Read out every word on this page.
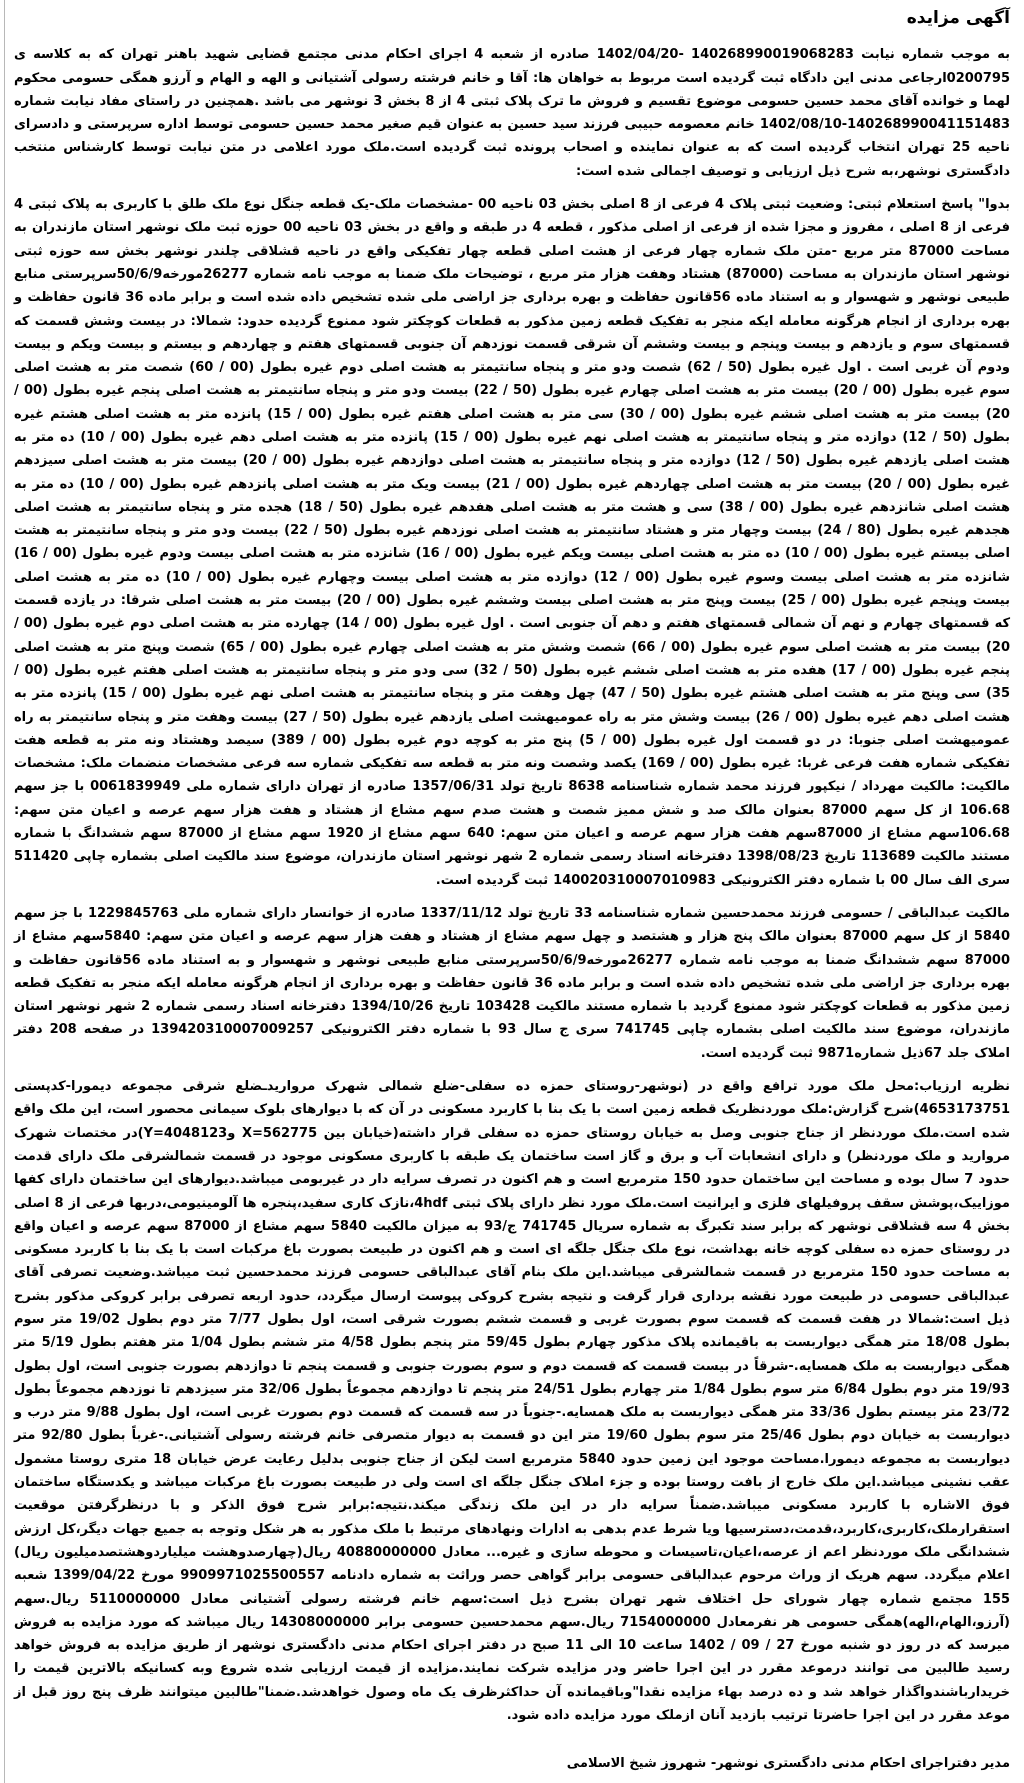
آگهی مزایده

به موجب شماره نیابت 140268990019068283 -1402/04/20 صادره از شعبه 4 اجرای احکام مدنی مجتمع قضایی شهید باهنر تهران که به کلاسه ی 0200795ارجاعی مدنی این دادگاه ثبت گردیده است مربوط به خواهان ها: آقا و خانم فرشته رسولی آشتیانی و الهه و الهام و آرزو همگی حسومی محکوم لهما و خوانده آقای محمد حسین حسومی موضوع تقسیم و فروش ما ترک پلاک ثبتی 4 از 8 بخش 3 نوشهر می باشد .همچنین در راستای مفاد نیابت شماره 140268990041151483-1402/08/10 خانم معصومه حبیبی فرزند سید حسین به عنوان قیم صغیر محمد حسین حسومی توسط اداره سرپرستی و دادسرای ناحیه 25 تهران انتخاب گردیده است که به عنوان نماینده و اصحاب پرونده ثبت گردیده است.ملک مورد اعلامی در متن نیابت توسط کارشناس منتخب دادگستری نوشهر،به شرح ذیل ارزیابی و توصیف اجمالی شده است:

بدوا" پاسخ استعلام ثبتی: وضعیت ثبتی پلاک 4 فرعی از 8 اصلی بخش 03 ناحیه 00 -مشخصات ملک-یک قطعه جنگل نوع ملک طلق با کاربری به پلاک ثبتی 4 فرعی از 8 اصلی ، مفروز و مجزا شده از فرعی از اصلی مذکور ، قطعه 4 در طبقه و واقع در بخش 03 ناحیه 00 حوزه ثبت ملک نوشهر استان مازندران به مساحت 87000 متر مربع -متن ملک شماره چهار فرعی از هشت اصلی قطعه چهار تفکیکی واقع در ناحیه قشلاقی چلندر نوشهر بخش سه حوزه ثبتی نوشهر استان مازندران به مساحت (87000) هشتاد وهفت هزار متر مربع ، توضیحات ملک ضمنا به موجب نامه شماره 26277مورخه50/6/9سرپرستی منابع طبیعی نوشهر و شهسوار و به استناد ماده 56قانون حفاظت و بهره برداری جز اراضی ملی شده تشخیص داده شده است و برابر ماده 36 قانون حفاظت و بهره برداری از انجام هرگونه معامله ایکه منجر به تفکیک قطعه زمین مذکور به قطعات کوچکتر شود ممنوع گردیده حدود: شمالا: در بیست وشش قسمت که قسمتهای سوم و یازدهم و بیست وپنجم و بیست وششم آن شرقی قسمت نوزدهم آن جنوبی قسمتهای هفتم و چهاردهم و بیستم و بیست ویکم و بیست ودوم آن غربی است . اول غیره بطول (50 / 62) شصت ودو متر و پنجاه سانتیمتر به هشت اصلی دوم غیره بطول (00 / 60) شصت متر به هشت اصلی سوم غیره بطول (00 / 20) بیست متر به هشت اصلی چهارم غیره بطول (50 / 22) بیست ودو متر و پنجاه سانتیمتر به هشت اصلی پنجم غیره بطول (00 / 20) بیست متر به هشت اصلی ششم غیره بطول (00 / 30) سی متر به هشت اصلی هفتم غیره بطول (00 / 15) پانزده متر به هشت اصلی هشتم غیره بطول (50 / 12) دوازده متر و پنجاه سانتیمتر به هشت اصلی نهم غیره بطول (00 / 15) پانزده متر به هشت اصلی دهم غیره بطول (00 / 10) ده متر به هشت اصلی یازدهم غیره بطول (50 / 12) دوازده متر و پنجاه سانتیمتر به هشت اصلی دوازدهم غیره بطول (00 / 20) بیست متر به هشت اصلی سیزدهم غیره بطول (00 / 20) بیست متر به هشت اصلی چهاردهم غیره بطول (00 / 21) بیست ویک متر به هشت اصلی پانزدهم غیره بطول (00 / 10) ده متر به هشت اصلی شانزدهم غیره بطول (00 / 38) سی و هشت متر به هشت اصلی هفدهم غیره بطول (50 / 18) هجده متر و پنجاه سانتیمتر به هشت اصلی هجدهم غیره بطول (80 / 24) بیست وچهار متر و هشتاد سانتیمتر به هشت اصلی نوزدهم غیره بطول (50 / 22) بیست ودو متر و پنجاه سانتیمتر به هشت اصلی بیستم غیره بطول (00 / 10) ده متر به هشت اصلی بیست ویکم غیره بطول (00 / 16) شانزده متر به هشت اصلی بیست ودوم غیره بطول (00 / 16) شانزده متر به هشت اصلی بیست وسوم غیره بطول (00 / 12) دوازده متر به هشت اصلی بیست وچهارم غیره بطول (00 / 10) ده متر به هشت اصلی بیست وپنجم غیره بطول (00 / 25) بیست وپنج متر به هشت اصلی بیست وششم غیره بطول (00 / 20) بیست متر به هشت اصلی شرقا: در یازده قسمت که قسمتهای چهارم و نهم آن شمالی قسمتهای هفتم و دهم آن جنوبی است . اول غیره بطول (00 / 14) چهارده متر به هشت اصلی دوم غیره بطول (00 / 20) بیست متر به هشت اصلی سوم غیره بطول (00 / 66) شصت وشش متر به هشت اصلی چهارم غیره بطول (00 / 65) شصت وپنج متر به هشت اصلی پنجم غیره بطول (00 / 17) هفده متر به هشت اصلی ششم غیره بطول (50 / 32) سی ودو متر و پنجاه سانتیمتر به هشت اصلی هفتم غیره بطول (00 / 35) سی وپنج متر به هشت اصلی هشتم غیره بطول (50 / 47) چهل وهفت متر و پنجاه سانتیمتر به هشت اصلی نهم غیره بطول (00 / 15) پانزده متر به هشت اصلی دهم غیره بطول (00 / 26) بیست وشش متر به راه عمومیهشت اصلی یازدهم غیره بطول (50 / 27) بیست وهفت متر و پنجاه سانتیمتر به راه عمومیهشت اصلی جنوبا: در دو قسمت اول غیره بطول (00 / 5) پنج متر به کوچه دوم غیره بطول (00 / 389) سیصد وهشتاد ونه متر به قطعه هفت تفکیکی شماره هفت فرعی غربا: غیره بطول (00 / 169) یکصد وشصت ونه متر به قطعه سه تفکیکی شماره سه فرعی مشخصات منضمات ملک: مشخصات مالکیت: مالکیت مهرداد / نیکپور فرزند محمد شماره شناسنامه 8638 تاریخ تولد 1357/06/31 صادره از تهران دارای شماره ملی 0061839949 با جز سهم 106.68 از کل سهم 87000 بعنوان مالک صد و شش ممیز شصت و هشت صدم سهم مشاع از هشتاد و هفت هزار سهم عرصه و اعیان متن سهم: 106.68سهم مشاع از 87000سهم هفت هزار سهم عرصه و اعیان متن سهم: 640 سهم مشاع از 1920 سهم مشاع از 87000 سهم ششدانگ با شماره مستند مالکیت 113689 تاریخ 1398/08/23 دفترخانه اسناد رسمی شماره 2 شهر نوشهر استان مازندران، موضوع سند مالکیت اصلی بشماره چاپی 511420 سری الف سال 00 با شماره دفتر الکترونیکی 140020310007010983 ثبت گردیده است.

مالکیت عبدالباقی / حسومی فرزند محمدحسین شماره شناسنامه 33 تاریخ تولد 1337/11/12 صادره از خوانسار دارای شماره ملی 1229845763 با جز سهم 5840 از کل سهم 87000 بعنوان مالک پنج هزار و هشتصد و چهل سهم مشاع از هشتاد و هفت هزار سهم عرصه و اعیان متن سهم: 5840سهم مشاع از 87000 سهم ششدانگ ضمنا به موجب نامه شماره 26277مورخه50/6/9سرپرستی منابع طبیعی نوشهر و شهسوار و به استناد ماده 56قانون حفاظت و بهره برداری جز اراضی ملی شده تشخیص داده شده است و برابر ماده 36 قانون حفاظت و بهره برداری از انجام هرگونه معامله ایکه منجر به تفکیک قطعه زمین مذکور به قطعات کوچکتر شود ممنوع گردید با شماره مستند مالکیت 103428 تاریخ 1394/10/26 دفترخانه اسناد رسمی شماره 2 شهر نوشهر استان مازندران، موضوع سند مالکیت اصلی بشماره چاپی 741745 سری ج سال 93 با شماره دفتر الکترونیکی 139420310007009257 در صفحه 208 دفتر املاک جلد 67ذیل شماره9871 ثبت گردیده است.

نظریه ارزیاب:محل ملک مورد ترافع واقع در (نوشهر-روستای حمزه ده سفلی-ضلع شمالی شهرک مرواریدـضلع شرقی مجموعه دیمورا-کدپستی 4653173751)شرح گزارش:ملک موردنظریک قطعه زمین است با یک بنا با کاربرد مسکونی در آن که با دیوارهای بلوک سیمانی محصور است، این ملک واقع شده است.ملک موردنظر از جناح جنوبی وصل به خیابان روستای حمزه ده سفلی قرار داشته(خیابان بین X=562775 وY=4048123)در مختصات شهرک مروارید و ملک موردنظر) و دارای انشعابات آب و برق و گاز است ساختمان یک طبقه با کاربری مسکونی موجود در قسمت شمالشرقی ملک دارای قدمت حدود 7 سال بوده و مساحت این ساختمان حدود 150 مترمربع است و هم اکنون در تصرف سرایه دار در غیربومی میباشد.دیوارهای این ساختمان دارای کفها موزاییک،پوشش سقف پروفیلهای فلزی و ایرانیت است.ملک مورد نظر دارای پلاک ثبتی 4hdf،نازک کاری سفید،پنجره ها آلومینیومی،دربها فرعی از 8 اصلی بخش 4 سه قشلاقی نوشهر که برابر سند تکبرگ به شماره سریال 741745 ج/93 به میزان مالکیت 5840 سهم مشاع از 87000 سهم عرصه و اعیان واقع در روستای حمزه ده سفلی کوچه خانه بهداشت، نوع ملک جنگل جلگه ای است و هم اکنون در طبیعت بصورت باغ مرکبات است با یک بنا با کاربرد مسکونی به مساحت حدود 150 مترمربع در قسمت شمالشرقی میباشد.این ملک بنام آقای عبدالباقی حسومی فرزند محمدحسین ثبت میباشد.وضعیت تصرفی آقای عبدالباقی حسومی در طبیعت مورد نقشه برداری قرار گرفت و نتیجه بشرح کروکی پیوست ارسال میگردد، حدود اربعه تصرفی برابر کروکی مذکور بشرح ذیل است:شمالا در هفت قسمت که قسمت سوم بصورت غربی و قسمت ششم بصورت شرقی است، اول بطول 7/77 متر دوم بطول 19/02 متر سوم بطول 18/08 متر همگی دیواربست به باقیمانده پلاک مذکور چهارم بطول 59/45 متر پنجم بطول 4/58 متر ششم بطول 1/04 متر هفتم بطول 5/19 متر همگی دیواربست به ملک همسایه.-شرقاً در بیست قسمت که قسمت دوم و سوم بصورت جنوبی و قسمت پنجم تا دوازدهم بصورت جنوبی است، اول بطول 19/93 متر دوم بطول 6/84 متر سوم بطول 1/84 متر چهارم بطول 24/51 متر پنجم تا دوازدهم مجموعاً بطول 32/06 متر سیزدهم تا نوزدهم مجموعاً بطول 23/72 متر بیستم بطول 33/36 متر همگی دیواربست به ملک همسایه.-جنوباً در سه قسمت که قسمت دوم بصورت غربی است، اول بطول 9/88 متر درب و دیواربست به خیابان دوم بطول 25/46 متر سوم بطول 19/60 متر این دو قسمت به دیوار متصرفی خانم فرشته رسولی آشتیانی.-غرباً بطول 92/80 متر دیواربست به مجموعه دیمورا.مساحت موجود این زمین حدود 5840 مترمربع است لیکن از جناح جنوبی بدلیل رعایت عرض خیابان 18 متری روستا مشمول عقب نشینی میباشد.این ملک خارج از بافت روستا بوده و جزء املاک جنگل جلگه ای است ولی در طبیعت بصورت باغ مرکبات میباشد و یکدستگاه ساختمان فوق الاشاره با کاربرد مسکونی میباشد.ضمناً سرایه دار در این ملک زندگی میکند.نتیجه:برابر شرح فوق الذکر و با درنظرگرفتن موقعیت استقرارملک،کاربری،کاربرد،قدمت،دسترسیها ویا شرط عدم بدهی به ادارات ونهادهای مرتبط با ملک مذکور به هر شکل وتوجه به جمیع جهات دیگر،کل ارزش ششدانگی ملک موردنظر اعم از عرصه،اعیان،تاسیسات و محوطه سازی و غیره... معادل 40880000000 ریال(چهارصدوهشت میلیاردوهشتصدمیلیون ریال) اعلام میگردد. سهم هریک از وراث مرحوم عبدالباقی حسومی برابر گواهی حصر وراثت به شماره دادنامه 9909971025500557 مورخ 1399/04/22 شعبه 155 مجتمع شماره چهار شورای حل اختلاف شهر تهران بشرح ذیل است:سهم خانم فرشته رسولی آشتیانی معادل 5110000000 ریال.سهم (آرزو،الهام،الهه)همگی حسومی هر نفرمعادل 7154000000 ریال.سهم محمدحسین حسومی برابر 14308000000 ریال میباشد که مورد مزایده به فروش میرسد که در روز دو شنبه مورخ 27 / 09 / 1402 ساعت 10 الی 11 صبح در دفتر اجرای احکام مدنی دادگستری نوشهر از طریق مزایده به فروش خواهد رسید طالبین می توانند درموعد مقرر در این اجرا حاضر ودر مزایده شرکت نمایند.مزایده از قیمت ارزیابی شده شروع وبه کسانیکه بالاترین قیمت را خریدارباشندواگذار خواهد شد و ده درصد بهاء مزایده نقدا"وباقیمانده آن حداکثرظرف یک ماه وصول خواهدشد.ضمنا"طالبین میتوانند ظرف پنج روز قبل از موعد مقرر در این اجرا حاضرتا ترتیب بازدید آنان ازملک مورد مزایده داده شود.

مدیر دفتراجرای احکام مدنی دادگستری نوشهر- شهروز شیخ الاسلامی
